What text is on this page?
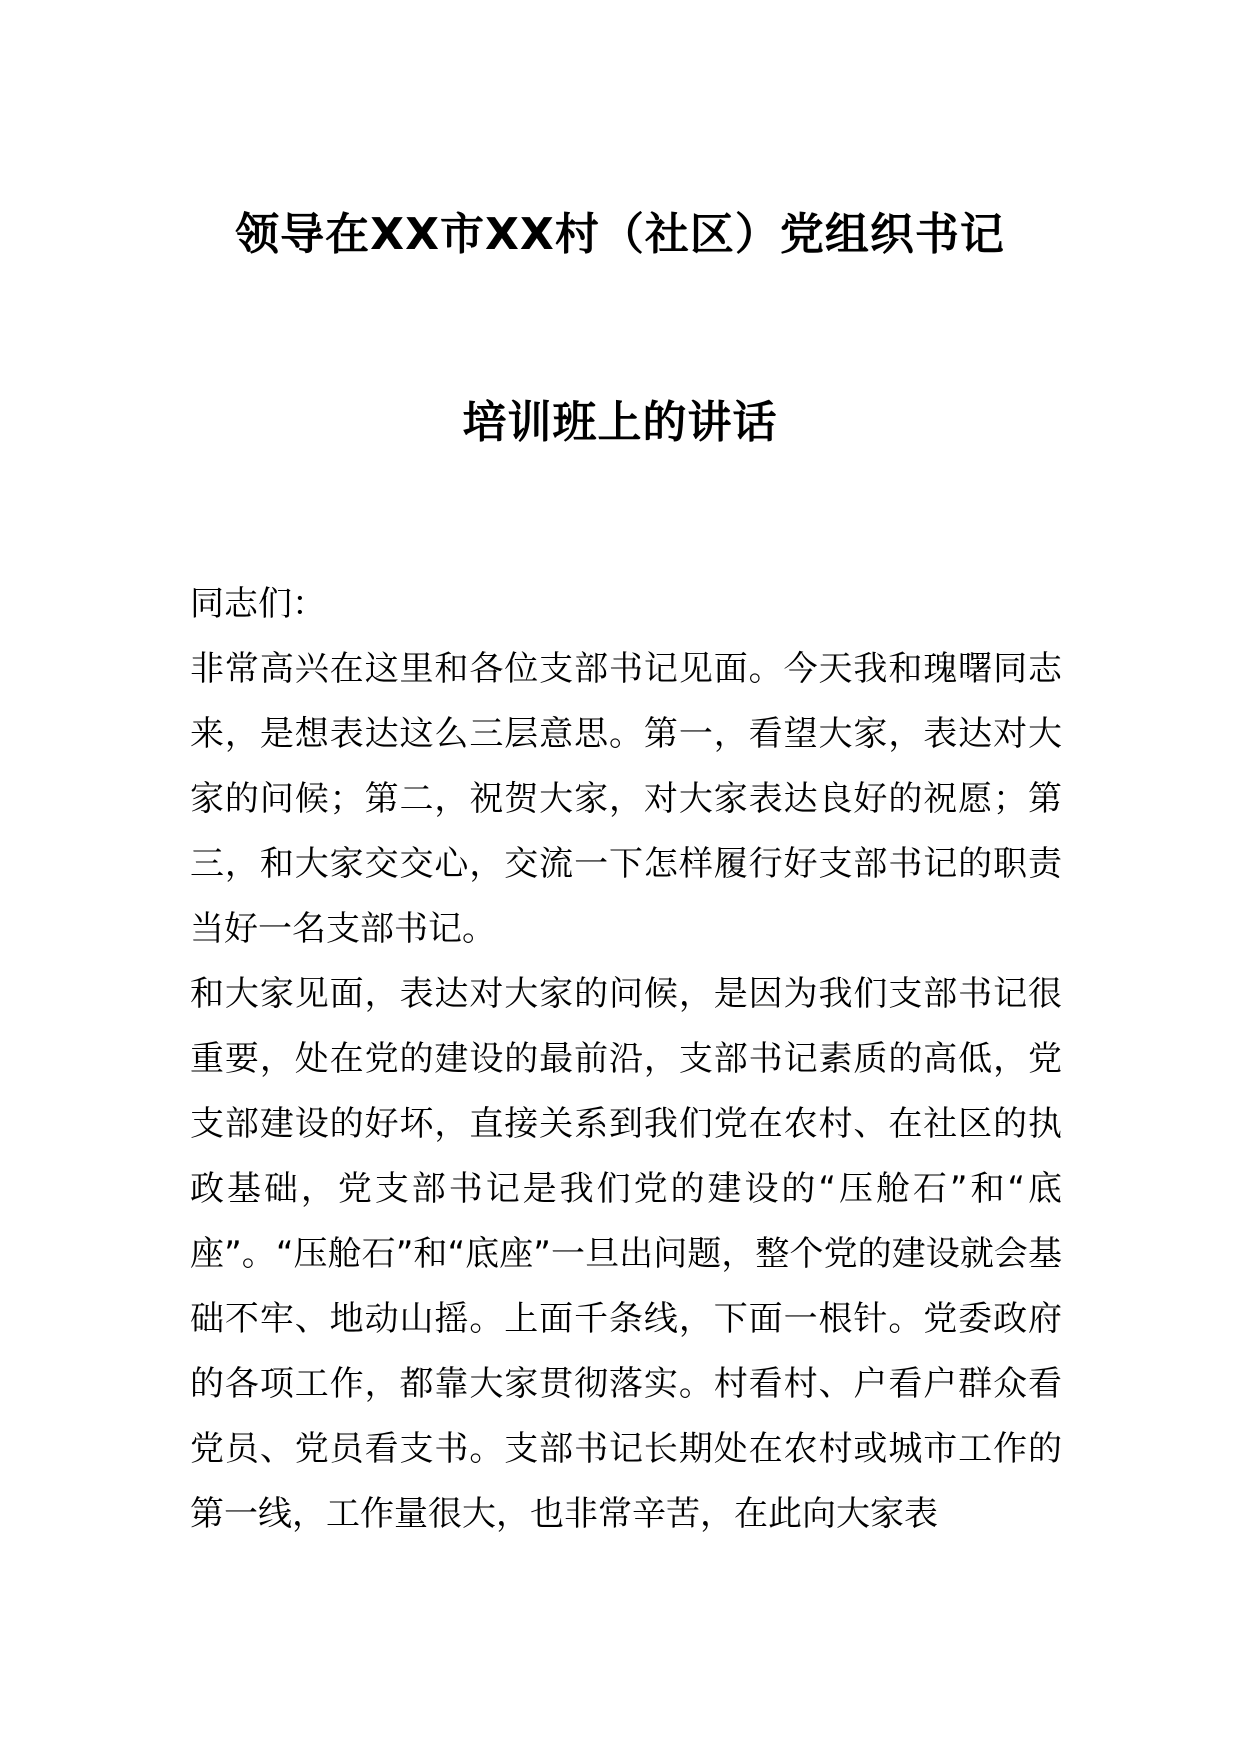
领导在XX市XX村（社区）党组织书记
培训班上的讲话
同志们：

非常高兴在这里和各位支部书记见面。今天我和瑰曙同志来，是想表达这么三层意思。第一，看望大家，表达对大家的问候；第二，祝贺大家，对大家表达良好的祝愿；第三，和大家交交心，交流一下怎样履行好支部书记的职责当好一名支部书记。

和大家见面，表达对大家的问候，是因为我们支部书记很重要，处在党的建设的最前沿，支部书记素质的高低，党支部建设的好坏，直接关系到我们党在农村、在社区的执政基础，党支部书记是我们党的建设的“压舱石”和“底座”。“压舱石”和“底座”一旦出问题，整个党的建设就会基础不牢、地动山摇。上面千条线，下面一根针。党委政府的各项工作，都靠大家贯彻落实。村看村、户看户群众看党员、党员看支书。支部书记长期处在农村或城市工作的第一线，工作量很大，也非常辛苦，在此向大家表
